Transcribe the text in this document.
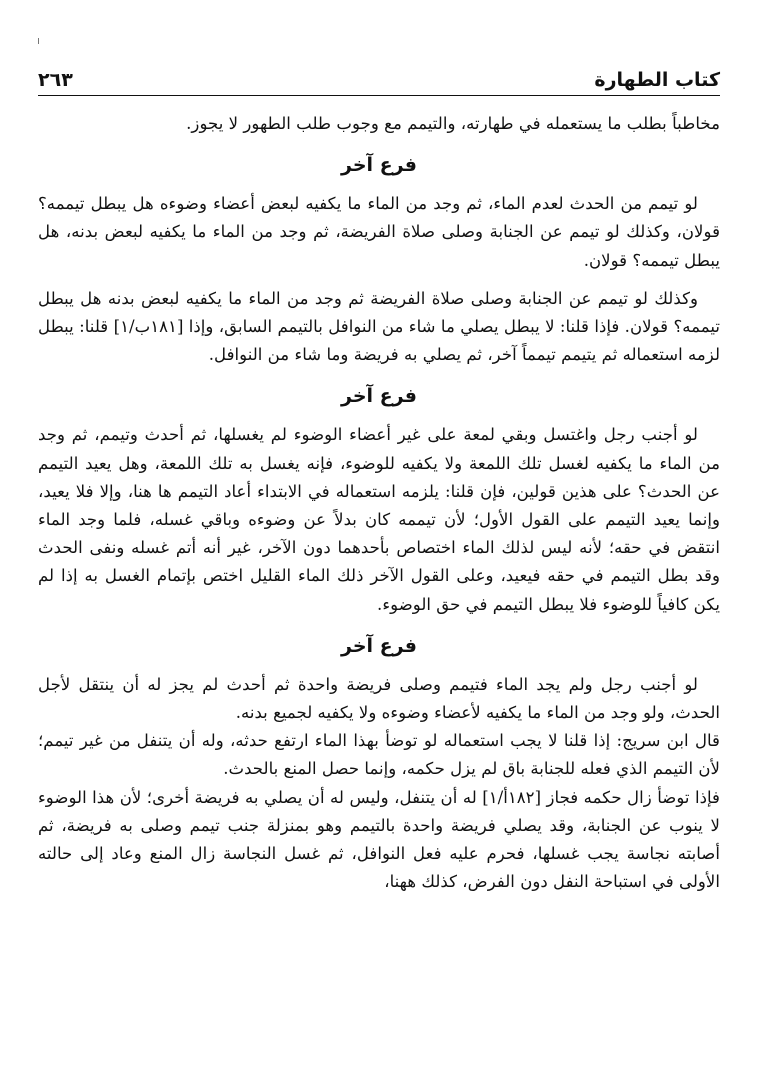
كتاب الطهارة
٢٦٣

مخاطباً بطلب ما يستعمله في طهارته، والتيمم مع وجوب طلب الطهور لا يجوز.

فرع آخر

لو تيمم من الحدث لعدم الماء، ثم وجد من الماء ما يكفيه لبعض أعضاء وضوءه هل يبطل تيممه؟ قولان، وكذلك لو تيمم عن الجنابة وصلى صلاة الفريضة، ثم وجد من الماء ما يكفيه لبعض بدنه، هل يبطل تيممه؟ قولان.

وكذلك لو تيمم عن الجنابة وصلى صلاة الفريضة ثم وجد من الماء ما يكفيه لبعض بدنه هل يبطل تيممه؟ قولان. فإذا قلنا: لا يبطل يصلي ما شاء من النوافل بالتيمم السابق، وإذا [١٨١ب/١] قلنا: يبطل لزمه استعماله ثم يتيمم تيمماً آخر، ثم يصلي به فريضة وما شاء من النوافل.

فرع آخر

لو أجنب رجل واغتسل وبقي لمعة على غير أعضاء الوضوء لم يغسلها، ثم أحدث وتيمم، ثم وجد من الماء ما يكفيه لغسل تلك اللمعة ولا يكفيه للوضوء، فإنه يغسل به تلك اللمعة، وهل يعيد التيمم عن الحدث؟ على هذين قولين، فإن قلنا: يلزمه استعماله في الابتداء أعاد التيمم ها هنا، وإلا فلا يعيد، وإنما يعيد التيمم على القول الأول؛ لأن تيممه كان بدلاً عن وضوءه وباقي غسله، فلما وجد الماء انتقض في حقه؛ لأنه ليس لذلك الماء اختصاص بأحدهما دون الآخر، غير أنه أتم غسله ونفى الحدث وقد بطل التيمم في حقه فيعيد، وعلى القول الآخر ذلك الماء القليل اختص بإتمام الغسل به إذا لم يكن كافياً للوضوء فلا يبطل التيمم في حق الوضوء.

فرع آخر

لو أجنب رجل ولم يجد الماء فتيمم وصلى فريضة واحدة ثم أحدث لم يجز له أن ينتقل لأجل الحدث، ولو وجد من الماء ما يكفيه لأعضاء وضوءه ولا يكفيه لجميع بدنه.

قال ابن سريج: إذا قلنا لا يجب استعماله لو توضأ بهذا الماء ارتفع حدثه، وله أن يتنفل من غير تيمم؛ لأن التيمم الذي فعله للجنابة باق لم يزل حكمه، وإنما حصل المنع بالحدث.

فإذا توضأ زال حكمه فجاز [١٨٢أ/١] له أن يتنفل، وليس له أن يصلي به فريضة أخرى؛ لأن هذا الوضوء لا ينوب عن الجنابة، وقد يصلي فريضة واحدة بالتيمم وهو بمنزلة جنب تيمم وصلى به فريضة، ثم أصابته نجاسة يجب غسلها، فحرم عليه فعل النوافل، ثم غسل النجاسة زال المنع وعاد إلى حالته الأولى في استباحة النفل دون الفرض، كذلك ههنا،
